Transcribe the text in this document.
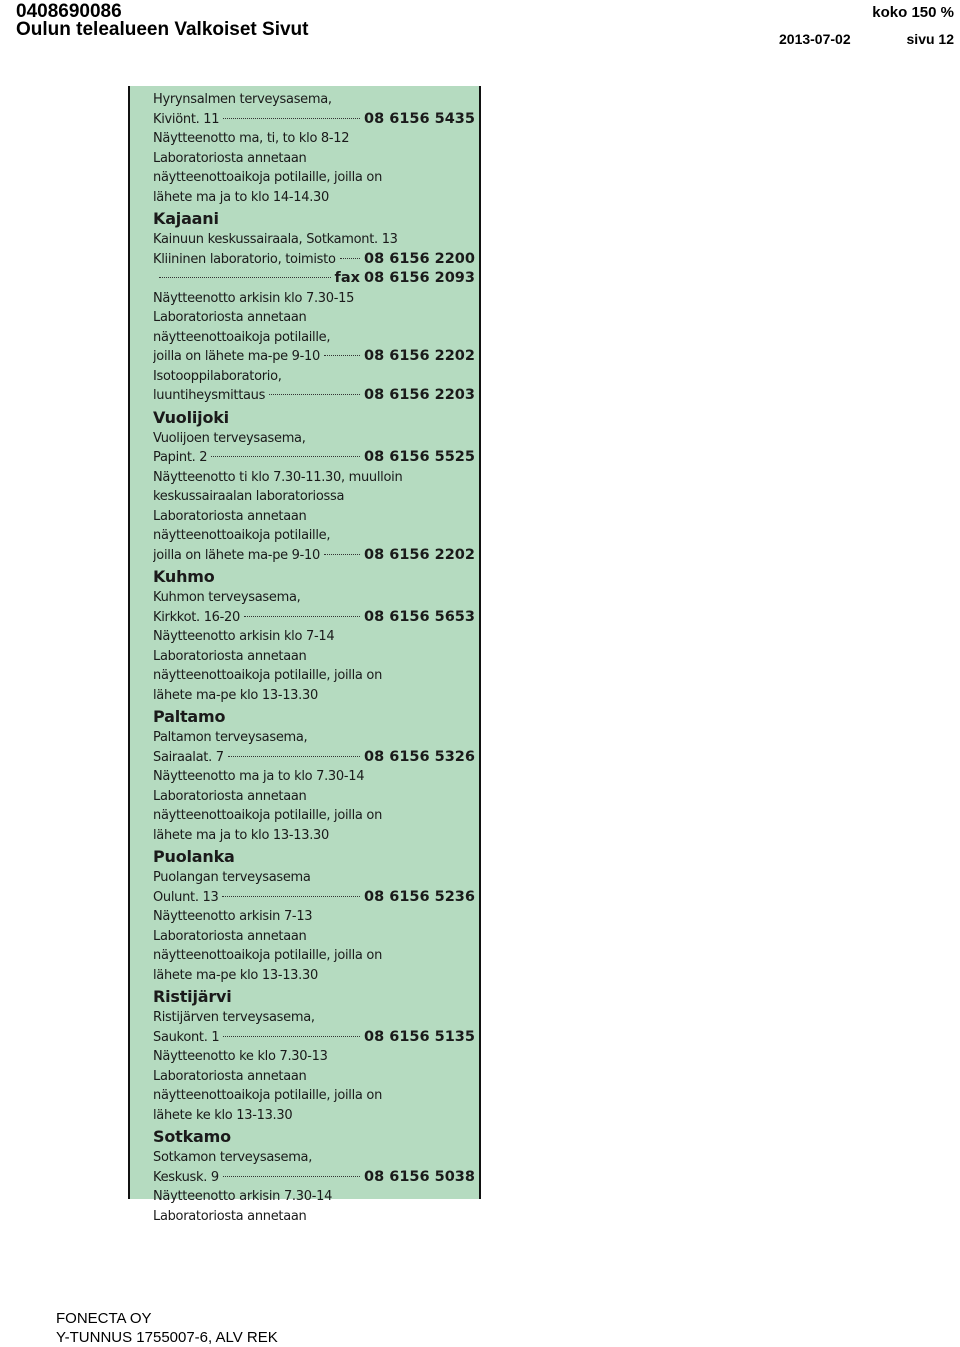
0408690086
Oulun telealueen Valkoiset Sivut
koko 150 %
2013-07-02	sivu 12
Hyrynsalmen terveysasema,
Kiviönt. 11	08 6156 5435
Näytteenotto ma, ti, to klo 8-12
Laboratoriosta annetaan
näytteenottoaikoja potilaille, joilla on
lähete ma ja to klo 14-14.30
Kajaani
Kainuun keskussairaala, Sotkamont. 13
Kliininen laboratorio, toimisto 08 6156 2200
fax 08 6156 2093
Näytteenotto arkisin klo 7.30-15
Laboratoriosta annetaan
näytteenottoaikoja potilaille,
joilla on lähete ma-pe 9-10	08 6156 2202
Isotooppilaboratorio,
luuntiheysmittaus	08 6156 2203
Vuolijoki
Vuolijoen terveysasema,
Papint. 2	08 6156 5525
Näytteenotto ti klo 7.30-11.30, muulloin
keskussairaalan laboratoriossa
Laboratoriosta annetaan
näytteenottoaikoja potilaille,
joilla on lähete ma-pe 9-10	08 6156 2202
Kuhmo
Kuhmon terveysasema,
Kirkkot. 16-20	08 6156 5653
Näytteenotto arkisin klo 7-14
Laboratoriosta annetaan
näytteenottoaikoja potilaille, joilla on
lähete ma-pe klo 13-13.30
Paltamo
Paltamon terveysasema,
Sairaalat. 7	08 6156 5326
Näytteenotto ma ja to klo 7.30-14
Laboratoriosta annetaan
näytteenottoaikoja potilaille, joilla on
lähete ma ja to klo 13-13.30
Puolanka
Puolangan terveysasema
Oulunt. 13	08 6156 5236
Näytteenotto arkisin 7-13
Laboratoriosta annetaan
näytteenottoaikoja potilaille, joilla on
lähete ma-pe klo 13-13.30
Ristijärvi
Ristijärven terveysasema,
Saukont. 1	08 6156 5135
Näytteenotto ke klo 7.30-13
Laboratoriosta annetaan
näytteenottoaikoja potilaille, joilla on
lähete ke klo 13-13.30
Sotkamo
Sotkamon terveysasema,
Keskusk. 9	08 6156 5038
Näytteenotto arkisin 7.30-14
Laboratoriosta annetaan
FONECTA OY
Y-TUNNUS 1755007-6, ALV REK
